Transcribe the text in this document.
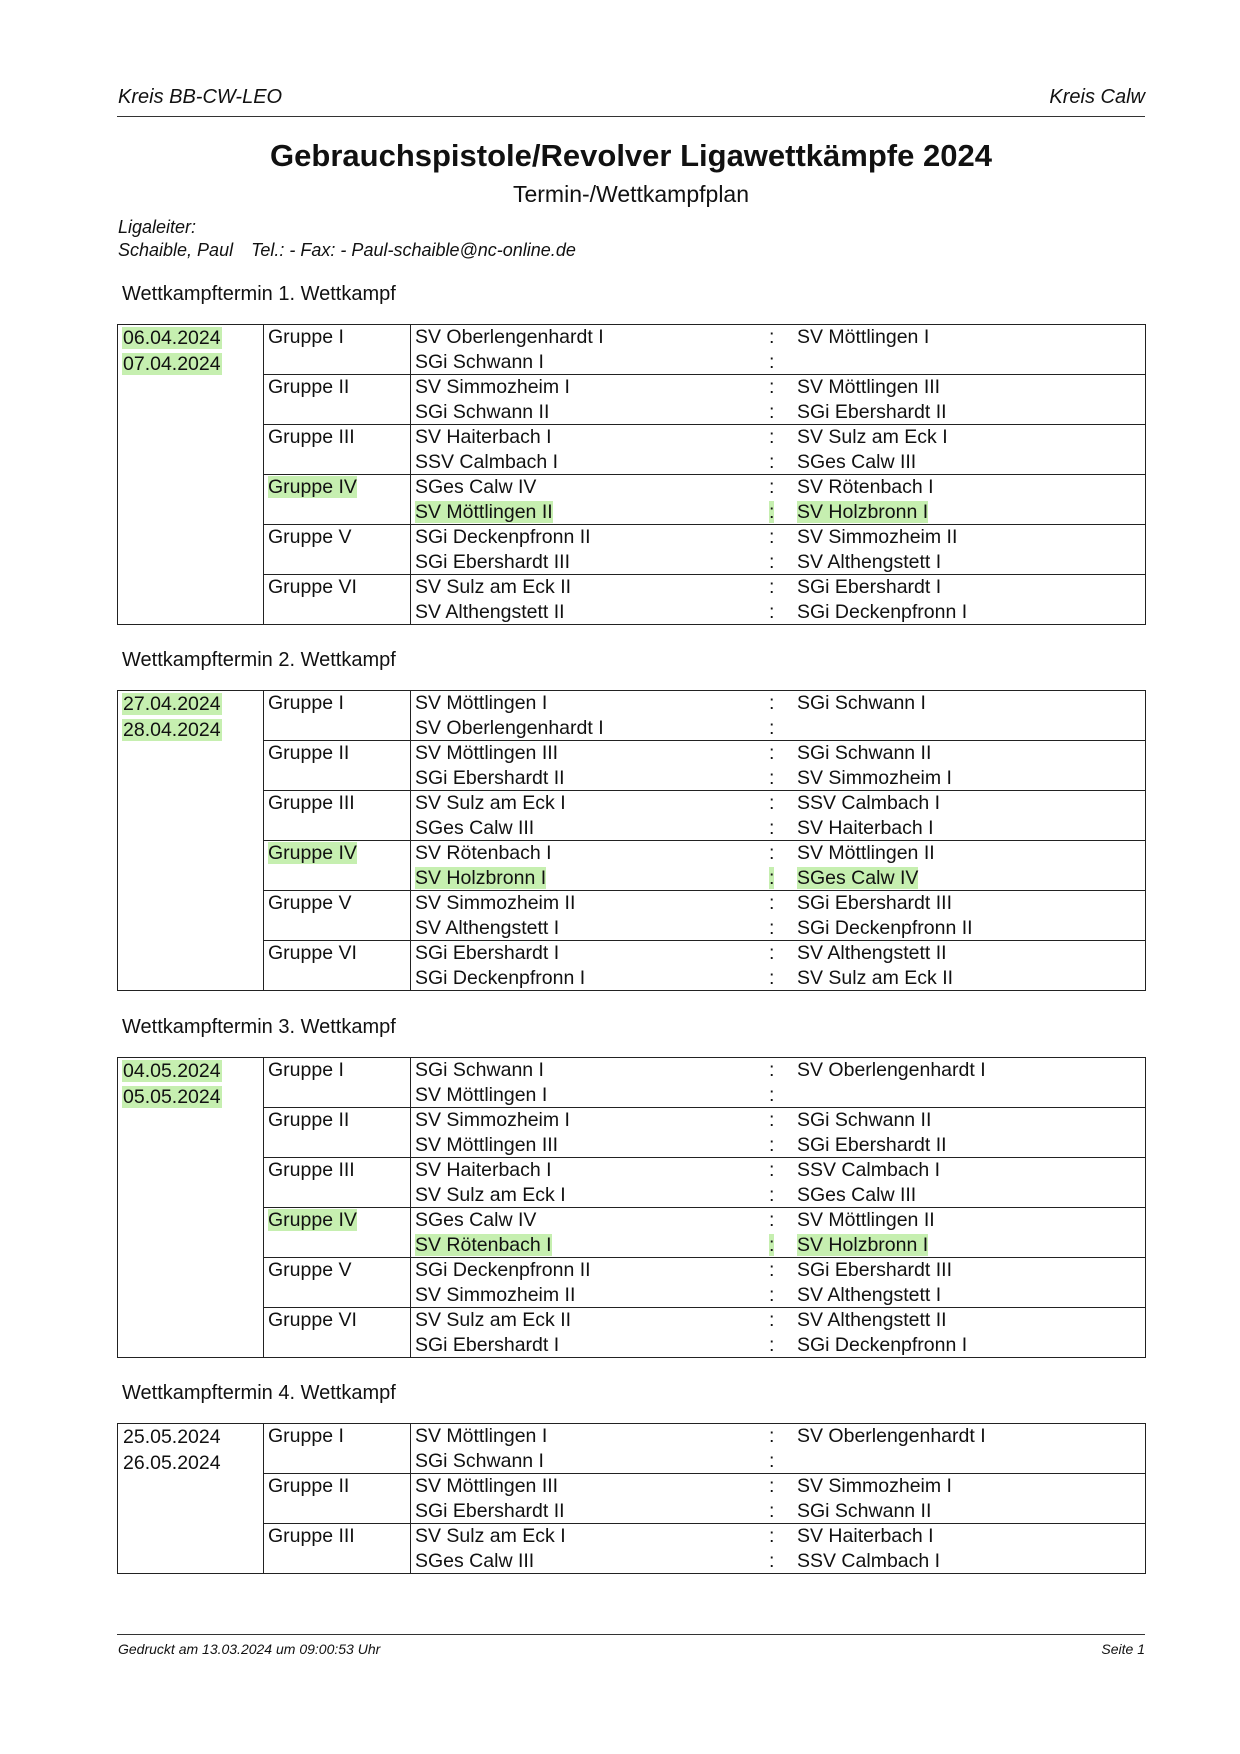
Kreis BB-CW-LEO	Kreis Calw
Gebrauchspistole/Revolver Ligawettkämpfe 2024
Termin-/Wettkampfplan
Ligaleiter:
Schaible, Paul Tel.: - Fax: - Paul-schaible@nc-online.de
Wettkampftermin 1. Wettkampf
06.04.2024
07.04.2024	Gruppe I	SV Oberlengenhardt I	:	SV Möttlingen I
		SGi Schwann I	:	
	Gruppe II	SV Simmozheim I	:	SV Möttlingen III
		SGi Schwann II	:	SGi Ebershardt II
	Gruppe III	SV Haiterbach I	:	SV Sulz am Eck I
		SSV Calmbach I	:	SGes Calw III
	Gruppe IV	SGes Calw IV	:	SV Rötenbach I
		SV Möttlingen II	:	SV Holzbronn I
	Gruppe V	SGi Deckenpfronn II	:	SV Simmozheim II
		SGi Ebershardt III	:	SV Althengstett I
	Gruppe VI	SV Sulz am Eck II	:	SGi Ebershardt I
		SV Althengstett II	:	SGi Deckenpfronn I
Wettkampftermin 2. Wettkampf
27.04.2024
28.04.2024	Gruppe I	SV Möttlingen I	:	SGi Schwann I
		SV Oberlengenhardt I	:	
	Gruppe II	SV Möttlingen III	:	SGi Schwann II
		SGi Ebershardt II	:	SV Simmozheim I
	Gruppe III	SV Sulz am Eck I	:	SSV Calmbach I
		SGes Calw III	:	SV Haiterbach I
	Gruppe IV	SV Rötenbach I	:	SV Möttlingen II
		SV Holzbronn I	:	SGes Calw IV
	Gruppe V	SV Simmozheim II	:	SGi Ebershardt III
		SV Althengstett I	:	SGi Deckenpfronn II
	Gruppe VI	SGi Ebershardt I	:	SV Althengstett II
		SGi Deckenpfronn I	:	SV Sulz am Eck II
Wettkampftermin 3. Wettkampf
04.05.2024
05.05.2024	Gruppe I	SGi Schwann I	:	SV Oberlengenhardt I
		SV Möttlingen I	:	
	Gruppe II	SV Simmozheim I	:	SGi Schwann II
		SV Möttlingen III	:	SGi Ebershardt II
	Gruppe III	SV Haiterbach I	:	SSV Calmbach I
		SV Sulz am Eck I	:	SGes Calw III
	Gruppe IV	SGes Calw IV	:	SV Möttlingen II
		SV Rötenbach I	:	SV Holzbronn I
	Gruppe V	SGi Deckenpfronn II	:	SGi Ebershardt III
		SV Simmozheim II	:	SV Althengstett I
	Gruppe VI	SV Sulz am Eck II	:	SV Althengstett II
		SGi Ebershardt I	:	SGi Deckenpfronn I
Wettkampftermin 4. Wettkampf
25.05.2024
26.05.2024	Gruppe I	SV Möttlingen I	:	SV Oberlengenhardt I
		SGi Schwann I	:	
	Gruppe II	SV Möttlingen III	:	SV Simmozheim I
		SGi Ebershardt II	:	SGi Schwann II
	Gruppe III	SV Sulz am Eck I	:	SV Haiterbach I
		SGes Calw III	:	SSV Calmbach I
Gedruckt am 13.03.2024 um 09:00:53 Uhr	Seite 1
